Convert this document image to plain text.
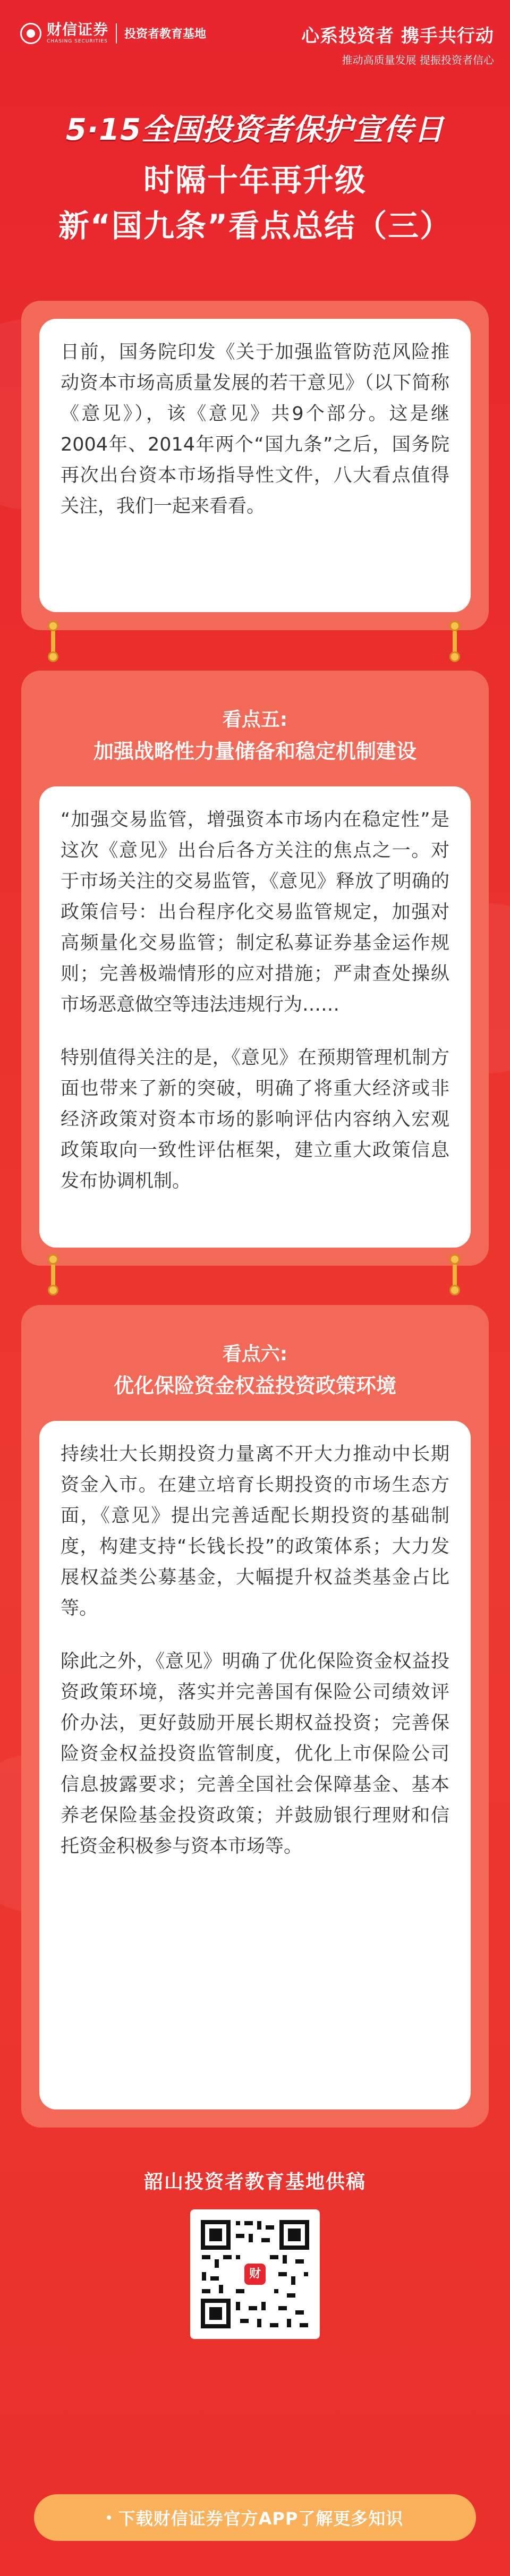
财信证券
CHASING SECURITIES
投资者教育基地	心系投资者 携手共行动
推动高质量发展 提振投资者信心
5·15全国投资者保护宣传日
时隔十年再升级
新“国九条”看点总结（三）

日前，国务院印发《关于加强监管防范风险推动资本市场高质量发展的若干意见》（以下简称《意见》），该《意见》共9个部分。这是继2004年、2014年两个“国九条”之后，国务院再次出台资本市场指导性文件，八大看点值得关注，我们一起来看看。

看点五:
加强战略性力量储备和稳定机制建设

“加强交易监管，增强资本市场内在稳定性”是这次《意见》出台后各方关注的焦点之一。对于市场关注的交易监管，《意见》释放了明确的政策信号：出台程序化交易监管规定，加强对高频量化交易监管；制定私募证券基金运作规则；完善极端情形的应对措施；严肃查处操纵市场恶意做空等违法违规行为……

特别值得关注的是，《意见》在预期管理机制方面也带来了新的突破，明确了将重大经济或非经济政策对资本市场的影响评估内容纳入宏观政策取向一致性评估框架，建立重大政策信息发布协调机制。

看点六:
优化保险资金权益投资政策环境

持续壮大长期投资力量离不开大力推动中长期资金入市。在建立培育长期投资的市场生态方面，《意见》提出完善适配长期投资的基础制度，构建支持“长钱长投”的政策体系；大力发展权益类公募基金，大幅提升权益类基金占比等。

除此之外，《意见》明确了优化保险资金权益投资政策环境，落实并完善国有保险公司绩效评价办法，更好鼓励开展长期权益投资；完善保险资金权益投资监管制度，优化上市保险公司信息披露要求；完善全国社会保障基金、基本养老保险基金投资政策；并鼓励银行理财和信托资金积极参与资本市场等。

韶山投资者教育基地供稿
财
下载财信证券官方APP了解更多知识
